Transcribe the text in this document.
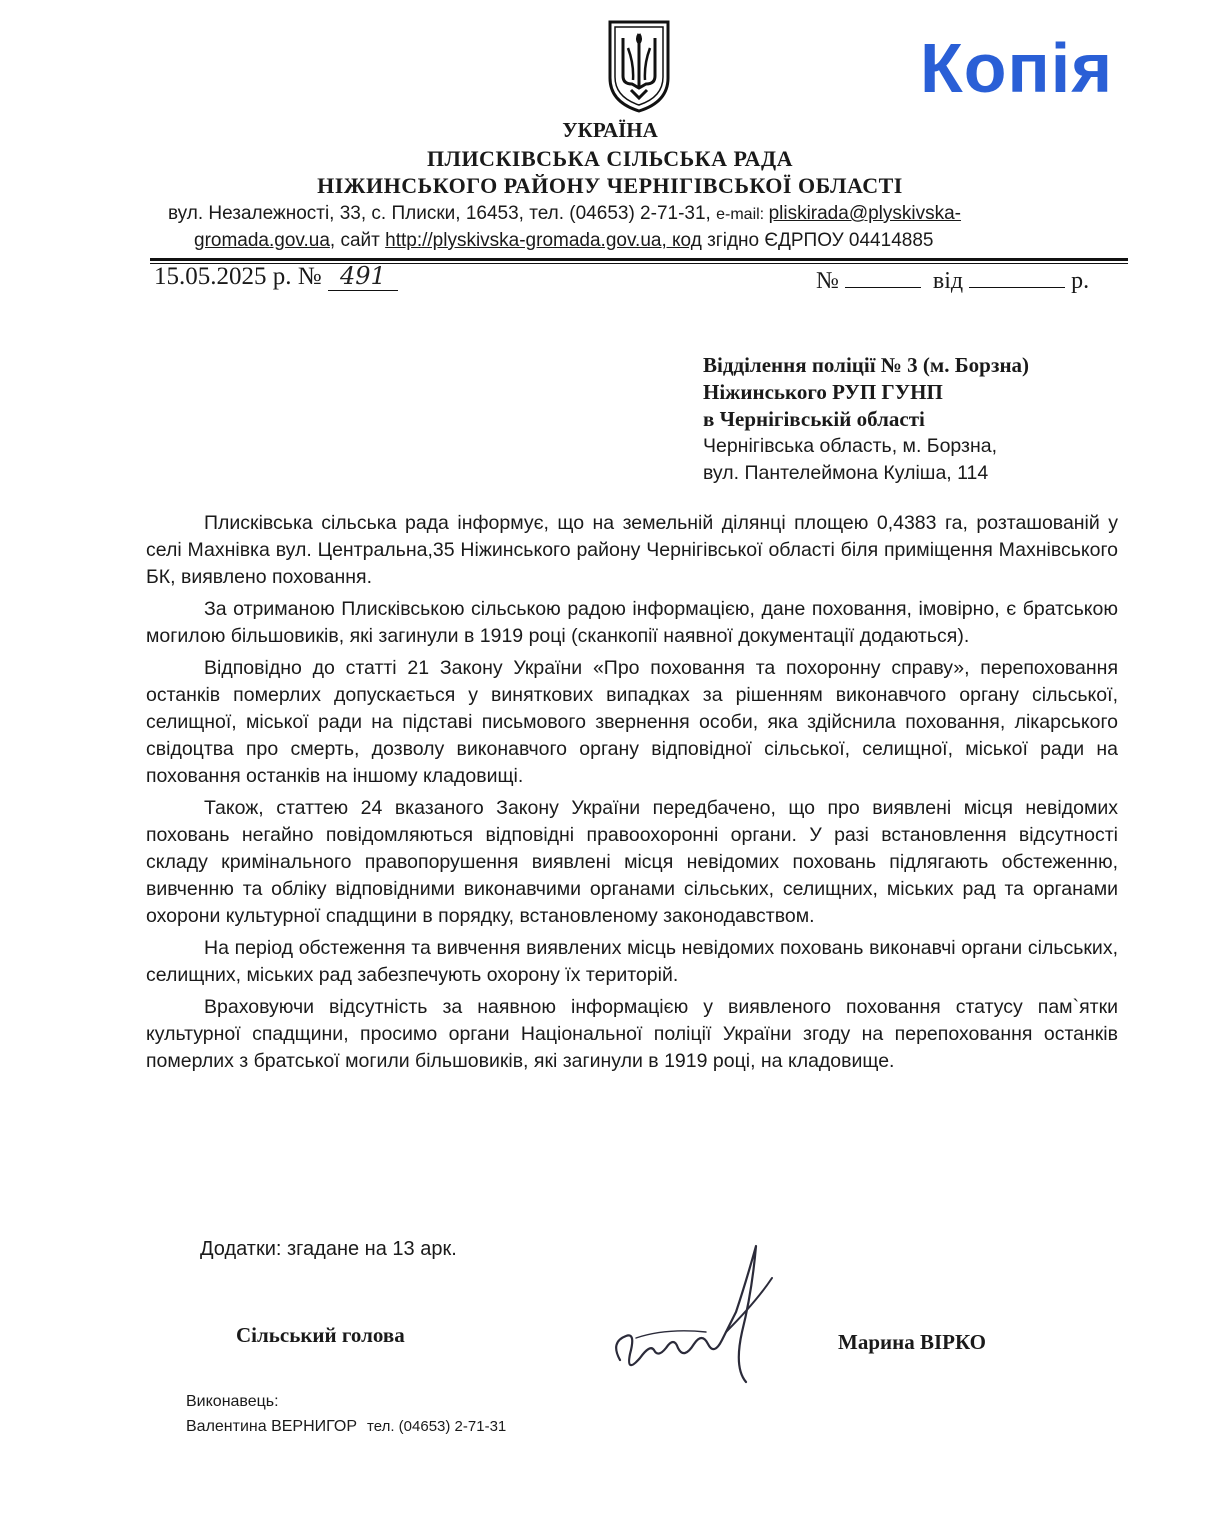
Копія
УКРАЇНА
ПЛИСКІВСЬКА СІЛЬСЬКА РАДА
НІЖИНСЬКОГО РАЙОНУ ЧЕРНІГІВСЬКОЇ ОБЛАСТІ
вул. Незалежності, 33, с. Плиски, 16453, тел. (04653) 2-71-31, e-mail: pliskirada@plyskivska-
gromada.gov.ua, сайт http://plyskivska-gromada.gov.ua, код згідно ЄДРПОУ 04414885
15.05.2025 р. № 491	№	від	р.
Відділення поліції № 3 (м. Борзна)
Ніжинського РУП ГУНП
в Чернігівській області
Чернігівська область, м. Борзна,
вул. Пантелеймона Куліша, 114

Плисківська сільська рада інформує, що на земельній ділянці площею 0,4383 га, розташованій у селі Махнівка вул. Центральна,35 Ніжинського району Чернігівської області біля приміщення Махнівського БК, виявлено поховання.

За отриманою Плисківською сільською радою інформацією, дане поховання, імовірно, є братською могилою більшовиків, які загинули в 1919 році (сканкопії наявної документації додаються).

Відповідно до статті 21 Закону України «Про поховання та похоронну справу», перепоховання останків померлих допускається у виняткових випадках за рішенням виконавчого органу сільської, селищної, міської ради на підставі письмового звернення особи, яка здійснила поховання, лікарського свідоцтва про смерть, дозволу виконавчого органу відповідної сільської, селищної, міської ради на поховання останків на іншому кладовищі.

Також, статтею 24 вказаного Закону України передбачено, що про виявлені місця невідомих поховань негайно повідомляються відповідні правоохоронні органи. У разі встановлення відсутності складу кримінального правопорушення виявлені місця невідомих поховань підлягають обстеженню, вивченню та обліку відповідними виконавчими органами сільських, селищних, міських рад та органами охорони культурної спадщини в порядку, встановленому законодавством.

На період обстеження та вивчення виявлених місць невідомих поховань виконавчі органи сільських, селищних, міських рад забезпечують охорону їх територій.

Враховуючи відсутність за наявною інформацією у виявленого поховання статусу пам`ятки культурної спадщини, просимо органи Національної поліції України згоду на перепоховання останків померлих з братської могили більшовиків, які загинули в 1919 році, на кладовище.

Додатки: згадане на 13 арк.
Сільський голова	Марина ВІРКО
Виконавець:
Валентина ВЕРНИГОР тел. (04653) 2-71-31
